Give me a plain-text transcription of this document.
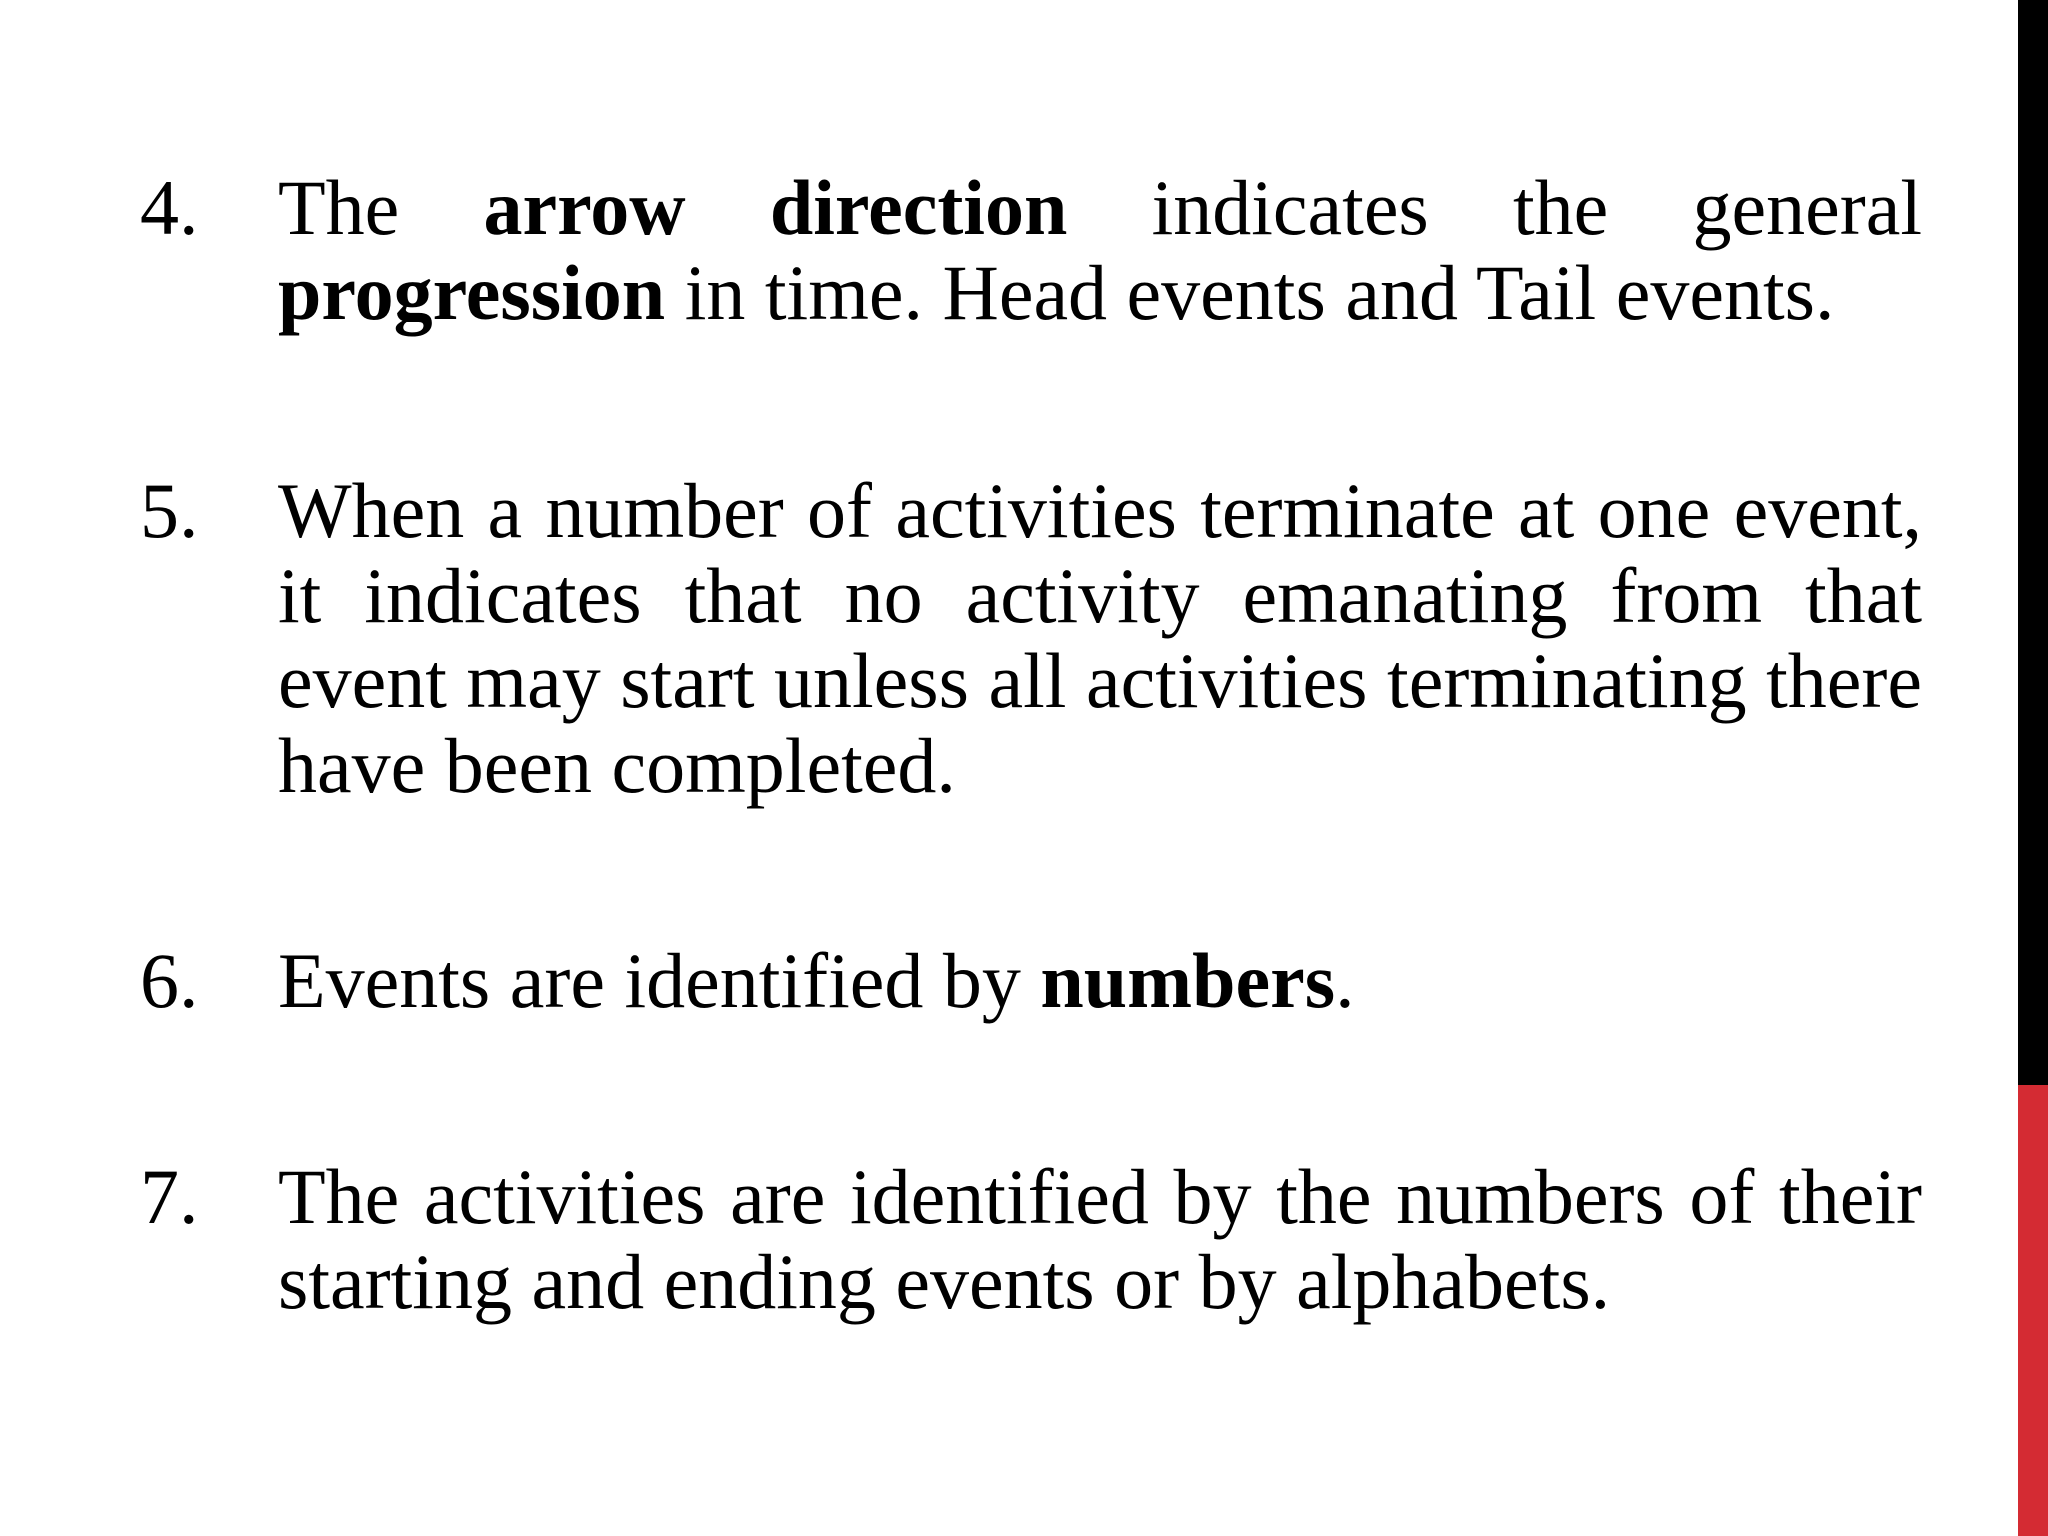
4.	The arrow direction indicates the general progression in time. Head events and Tail events.
5.	When a number of activities terminate at one event, it indicates that no activity emanating from that event may start unless all activities terminating there have been completed.
6.	Events are identified by numbers.
7.	The activities are identified by the numbers of their starting and ending events or by alphabets.
